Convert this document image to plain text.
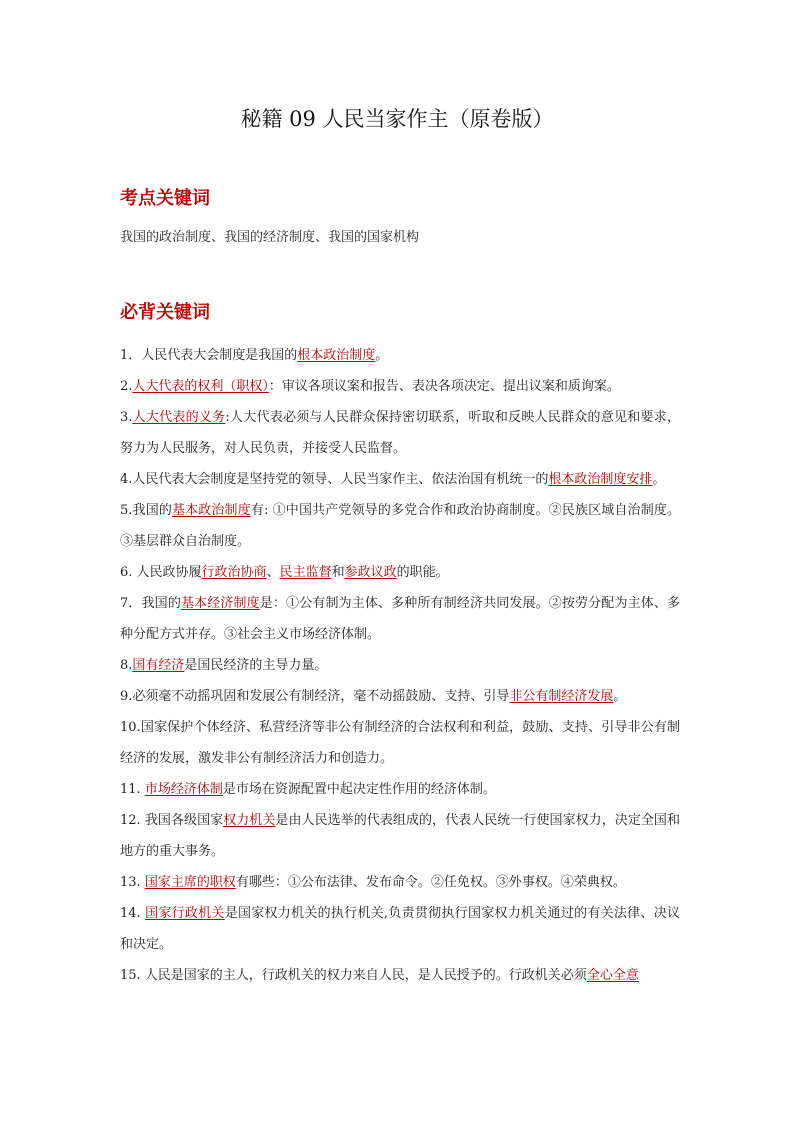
秘籍 09 人民当家作主（原卷版）
考点关键词
我国的政治制度、我国的经济制度、我国的国家机构
必背关键词

1．人民代表大会制度是我国的根本政治制度。

2.人大代表的权利（职权）：审议各项议案和报告、表决各项决定、提出议案和质询案。

3.人大代表的义务:人大代表必须与人民群众保持密切联系，听取和反映人民群众的意见和要求，努力为人民服务，对人民负责，并接受人民监督。

4.人民代表大会制度是坚持党的领导、人民当家作主、依法治国有机统一的根本政治制度安排。

5.我国的基本政治制度有: ①中国共产党领导的多党合作和政治协商制度。②民族区域自治制度。③基层群众自治制度。

6. 人民政协履行政治协商、民主监督和参政议政的职能。

7．我国的基本经济制度是：①公有制为主体、多种所有制经济共同发展。②按劳分配为主体、多种分配方式并存。③社会主义市场经济体制。

8.国有经济是国民经济的主导力量。

9.必须毫不动摇巩固和发展公有制经济，毫不动摇鼓励、支持、引导非公有制经济发展。

10.国家保护个体经济、私营经济等非公有制经济的合法权利和利益，鼓励、支持、引导非公有制经济的发展，激发非公有制经济活力和创造力。

11. 市场经济体制是市场在资源配置中起决定性作用的经济体制。

12. 我国各级国家权力机关是由人民选举的代表组成的，代表人民统一行使国家权力，决定全国和地方的重大事务。

13. 国家主席的职权有哪些：①公布法律、发布命令。②任免权。③外事权。④荣典权。

14. 国家行政机关是国家权力机关的执行机关,负责贯彻执行国家权力机关通过的有关法律、决议和决定。

15. 人民是国家的主人，行政机关的权力来自人民，是人民授予的。行政机关必须全心全意
